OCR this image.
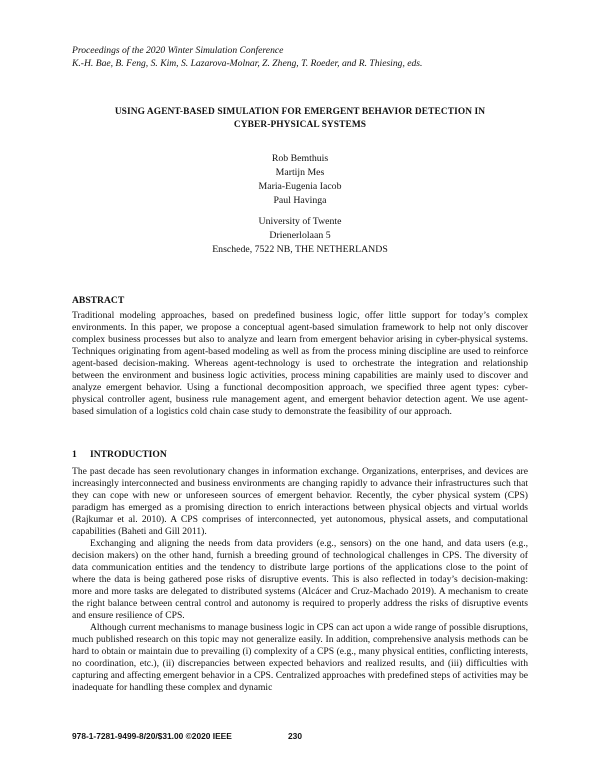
Proceedings of the 2020 Winter Simulation Conference
K.-H. Bae, B. Feng, S. Kim, S. Lazarova-Molnar, Z. Zheng, T. Roeder, and R. Thiesing, eds.
USING AGENT-BASED SIMULATION FOR EMERGENT BEHAVIOR DETECTION IN
CYBER-PHYSICAL SYSTEMS
Rob Bemthuis
Martijn Mes
Maria-Eugenia Iacob
Paul Havinga
University of Twente
Drienerlolaan 5
Enschede, 7522 NB, THE NETHERLANDS
ABSTRACT
Traditional modeling approaches, based on predefined business logic, offer little support for today’s complex environments. In this paper, we propose a conceptual agent-based simulation framework to help not only discover complex business processes but also to analyze and learn from emergent behavior arising in cyber-physical systems. Techniques originating from agent-based modeling as well as from the process mining discipline are used to reinforce agent-based decision-making. Whereas agent-technology is used to orchestrate the integration and relationship between the environment and business logic activities, process mining capabilities are mainly used to discover and analyze emergent behavior. Using a functional decomposition approach, we specified three agent types: cyber-physical controller agent, business rule management agent, and emergent behavior detection agent. We use agent-based simulation of a logistics cold chain case study to demonstrate the feasibility of our approach.
1 INTRODUCTION

The past decade has seen revolutionary changes in information exchange. Organizations, enterprises, and devices are increasingly interconnected and business environments are changing rapidly to advance their infrastructures such that they can cope with new or unforeseen sources of emergent behavior. Recently, the cyber physical system (CPS) paradigm has emerged as a promising direction to enrich interactions between physical objects and virtual worlds (Rajkumar et al. 2010). A CPS comprises of interconnected, yet autonomous, physical assets, and computational capabilities (Baheti and Gill 2011).

Exchanging and aligning the needs from data providers (e.g., sensors) on the one hand, and data users (e.g., decision makers) on the other hand, furnish a breeding ground of technological challenges in CPS. The diversity of data communication entities and the tendency to distribute large portions of the applications close to the point of where the data is being gathered pose risks of disruptive events. This is also reflected in today’s decision-making: more and more tasks are delegated to distributed systems (Alcácer and Cruz-Machado 2019). A mechanism to create the right balance between central control and autonomy is required to properly address the risks of disruptive events and ensure resilience of CPS.

Although current mechanisms to manage business logic in CPS can act upon a wide range of possible disruptions, much published research on this topic may not generalize easily. In addition, comprehensive analysis methods can be hard to obtain or maintain due to prevailing (i) complexity of a CPS (e.g., many physical entities, conflicting interests, no coordination, etc.), (ii) discrepancies between expected behaviors and realized results, and (iii) difficulties with capturing and affecting emergent behavior in a CPS. Centralized approaches with predefined steps of activities may be inadequate for handling these complex and dynamic

978-1-7281-9499-8/20/$31.00 ©2020 IEEE	230
